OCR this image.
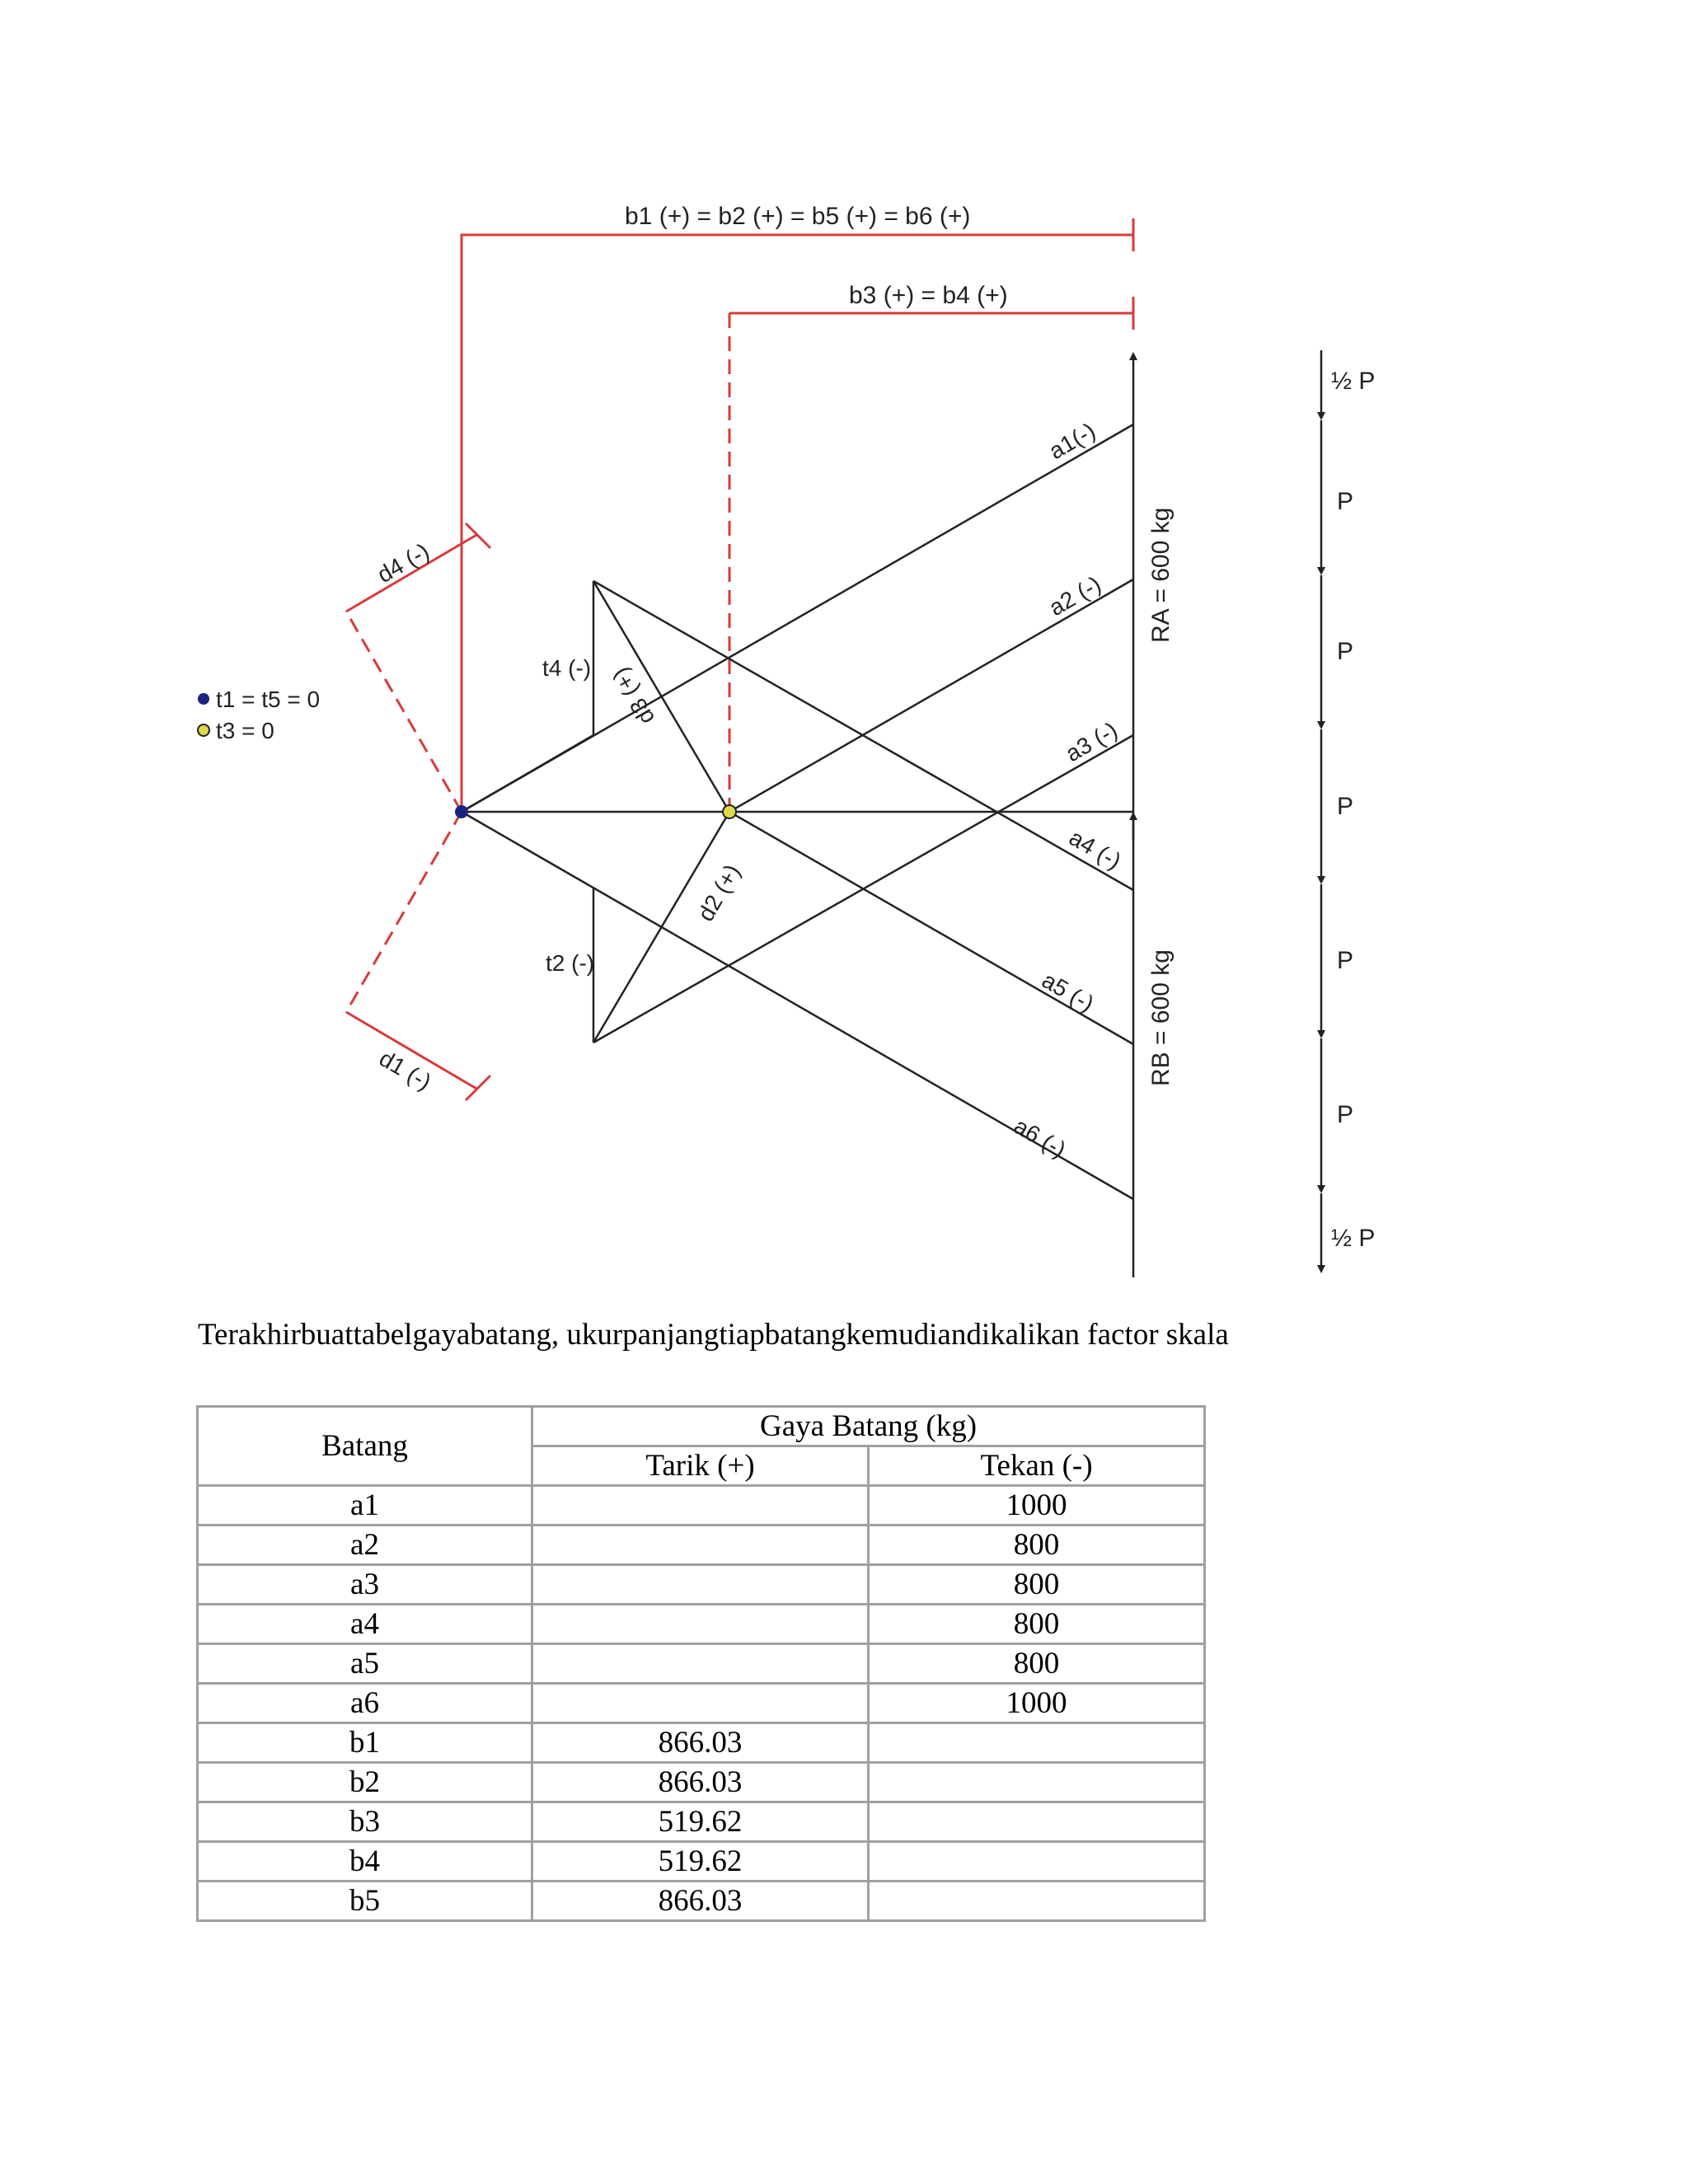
b1 (+) = b2 (+) = b5 (+) = b6 (+)
b3 (+) = b4 (+)
a1(-)
a2 (-)
a3 (-)
a4 (-)
a5 (-)
a6 (-)
d4 (-)
d1 (-)
d3 (+)
d2 (+)
t4 (-)
t2 (-)
RA = 600 kg
RB = 600 kg
t1 = t5 = 0
t3 = 0
½ P
P
P
P
P
P
½ P
Terakhirbuattabelgayabatang, ukurpanjangtiapbatangkemudiandikalikan factor skala
Batang	Gaya Batang (kg)	
	Tarik (+)	Tekan (-)
a1		1000
a2		800
a3		800
a4		800
a5		800
a6		1000
b1	866.03	
b2	866.03	
b3	519.62	
b4	519.62	
b5	866.03	
